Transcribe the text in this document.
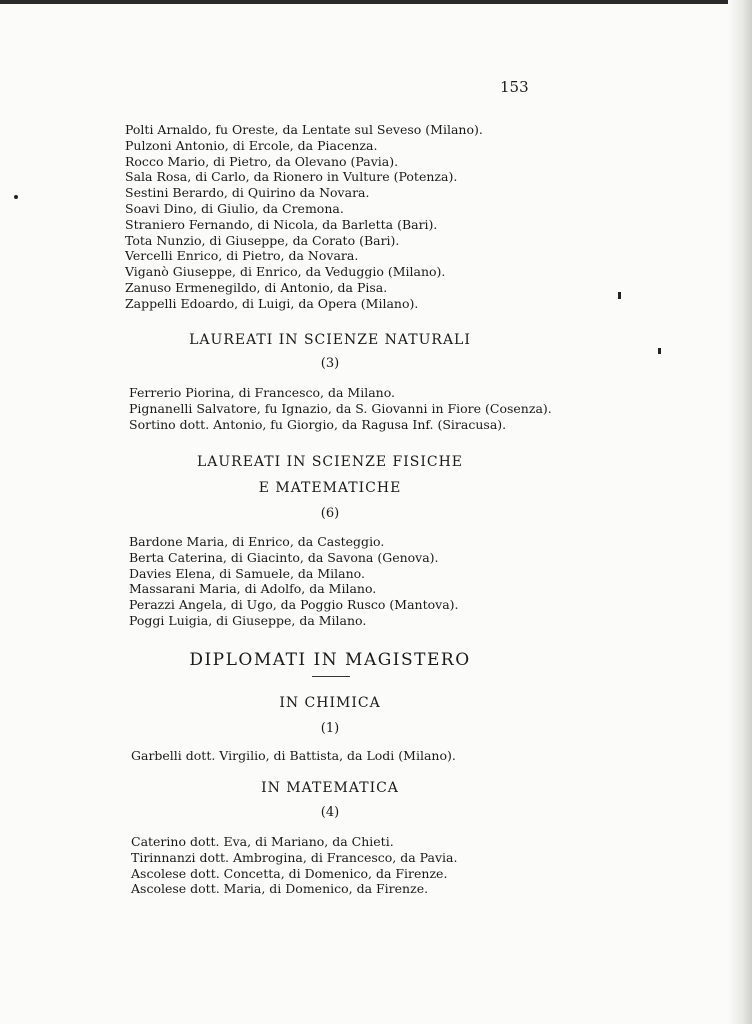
153
Polti Arnaldo, fu Oreste, da Lentate sul Seveso (Milano).
Pulzoni Antonio, di Ercole, da Piacenza.
Rocco Mario, di Pietro, da Olevano (Pavia).
Sala Rosa, di Carlo, da Rionero in Vulture (Potenza).
Sestini Berardo, di Quirino da Novara.
Soavi Dino, di Giulio, da Cremona.
Straniero Fernando, di Nicola, da Barletta (Bari).
Tota Nunzio, di Giuseppe, da Corato (Bari).
Vercelli Enrico, di Pietro, da Novara.
Viganò Giuseppe, di Enrico, da Veduggio (Milano).
Zanuso Ermenegildo, di Antonio, da Pisa.
Zappelli Edoardo, di Luigi, da Opera (Milano).
LAUREATI IN SCIENZE NATURALI
(3)
Ferrerio Piorina, di Francesco, da Milano.
Pignanelli Salvatore, fu Ignazio, da S. Giovanni in Fiore (Cosenza).
Sortino dott. Antonio, fu Giorgio, da Ragusa Inf. (Siracusa).
LAUREATI IN SCIENZE FISICHE
E MATEMATICHE
(6)
Bardone Maria, di Enrico, da Casteggio.
Berta Caterina, di Giacinto, da Savona (Genova).
Davies Elena, di Samuele, da Milano.
Massarani Maria, di Adolfo, da Milano.
Perazzi Angela, di Ugo, da Poggio Rusco (Mantova).
Poggi Luigia, di Giuseppe, da Milano.
DIPLOMATI IN MAGISTERO
IN CHIMICA
(1)
Garbelli dott. Virgilio, di Battista, da Lodi (Milano).
IN MATEMATICA
(4)
Caterino dott. Eva, di Mariano, da Chieti.
Tirinnanzi dott. Ambrogina, di Francesco, da Pavia.
Ascolese dott. Concetta, di Domenico, da Firenze.
Ascolese dott. Maria, di Domenico, da Firenze.
